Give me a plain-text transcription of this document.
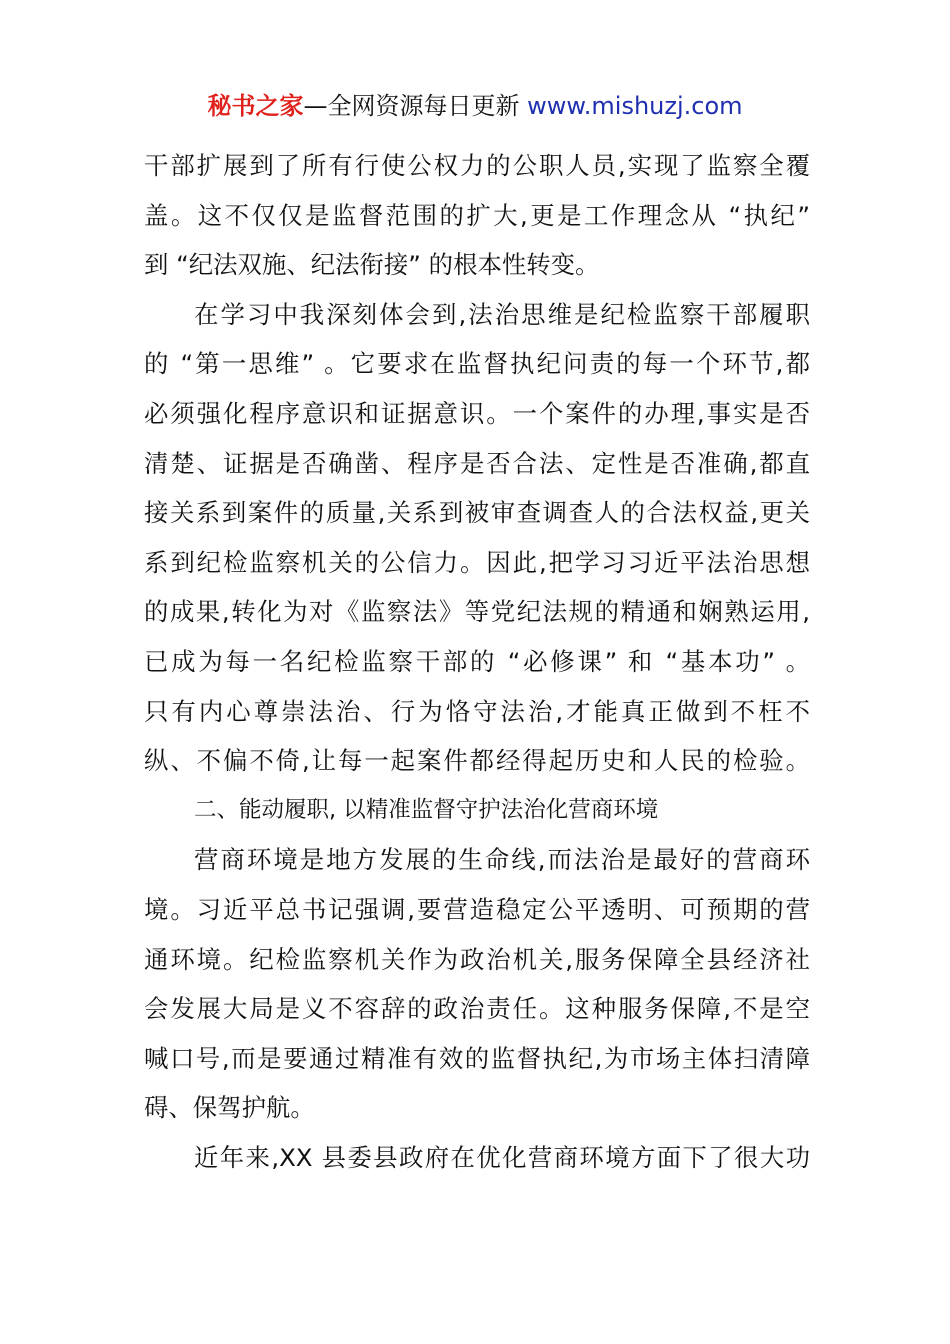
秘书之家—全网资源每日更新 www.mishuzj.com
干部扩展到了所有行使公权力的公职人员,实现了监察全覆
盖。这不仅仅是监督范围的扩大,更是工作理念从 “执纪”
到 “纪法双施、纪法衔接” 的根本性转变。
在学习中我深刻体会到,法治思维是纪检监察干部履职
的 “第一思维” 。它要求在监督执纪问责的每一个环节,都
必须强化程序意识和证据意识。一个案件的办理,事实是否
清楚、证据是否确凿、程序是否合法、定性是否准确,都直
接关系到案件的质量,关系到被审查调查人的合法权益,更关
系到纪检监察机关的公信力。因此,把学习习近平法治思想
的成果,转化为对《监察法》等党纪法规的精通和娴熟运用,
已成为每一名纪检监察干部的 “必修课” 和 “基本功” 。
只有内心尊崇法治、行为恪守法治,才能真正做到不枉不
纵、不偏不倚,让每一起案件都经得起历史和人民的检验。
二、能动履职, 以精准监督守护法治化营商环境
营商环境是地方发展的生命线,而法治是最好的营商环
境。习近平总书记强调,要营造稳定公平透明、可预期的营
通环境。纪检监察机关作为政治机关,服务保障全县经济社
会发展大局是义不容辞的政治责任。这种服务保障,不是空
喊口号,而是要通过精准有效的监督执纪,为市场主体扫清障
碍、保驾护航。
近年来,XX 县委县政府在优化营商环境方面下了很大功
